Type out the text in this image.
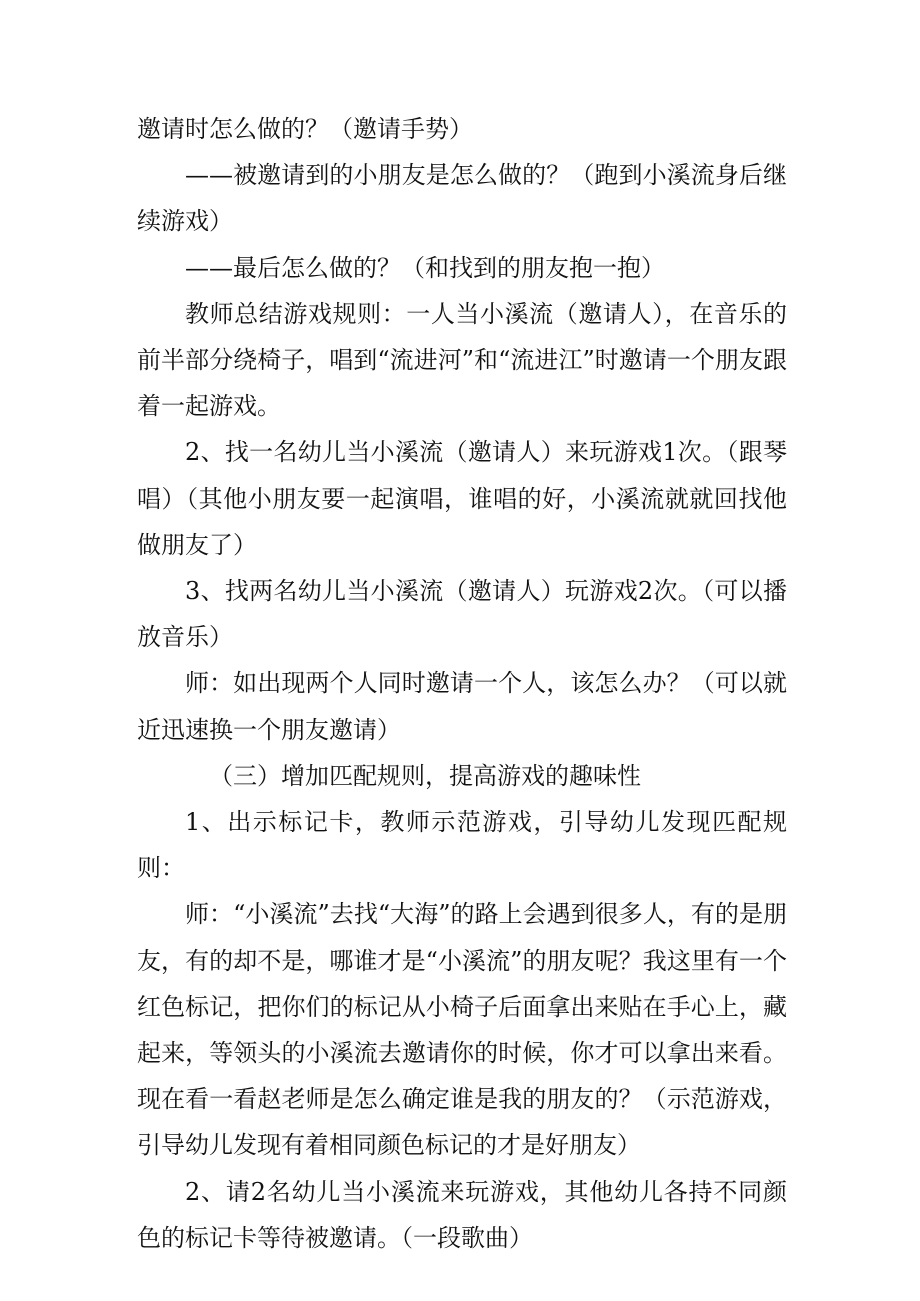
邀请时怎么做的？（邀请手势）

——被邀请到的小朋友是怎么做的？（跑到小溪流身后继续游戏）

——最后怎么做的？（和找到的朋友抱一抱）

教师总结游戏规则：一人当小溪流（邀请人），在音乐的前半部分绕椅子，唱到“流进河”和“流进江”时邀请一个朋友跟着一起游戏。

2、找一名幼儿当小溪流（邀请人）来玩游戏1次。（跟琴唱）（其他小朋友要一起演唱，谁唱的好，小溪流就就回找他做朋友了）

3、找两名幼儿当小溪流（邀请人）玩游戏2次。（可以播放音乐）

师：如出现两个人同时邀请一个人，该怎么办？（可以就近迅速换一个朋友邀请）

（三）增加匹配规则，提高游戏的趣味性

1、出示标记卡，教师示范游戏，引导幼儿发现匹配规则：

师：“小溪流”去找“大海”的路上会遇到很多人，有的是朋友，有的却不是，哪谁才是“小溪流”的朋友呢？我这里有一个红色标记，把你们的标记从小椅子后面拿出来贴在手心上，藏起来，等领头的小溪流去邀请你的时候，你才可以拿出来看。现在看一看赵老师是怎么确定谁是我的朋友的？（示范游戏，引导幼儿发现有着相同颜色标记的才是好朋友）

2、请2名幼儿当小溪流来玩游戏，其他幼儿各持不同颜色的标记卡等待被邀请。（一段歌曲）
